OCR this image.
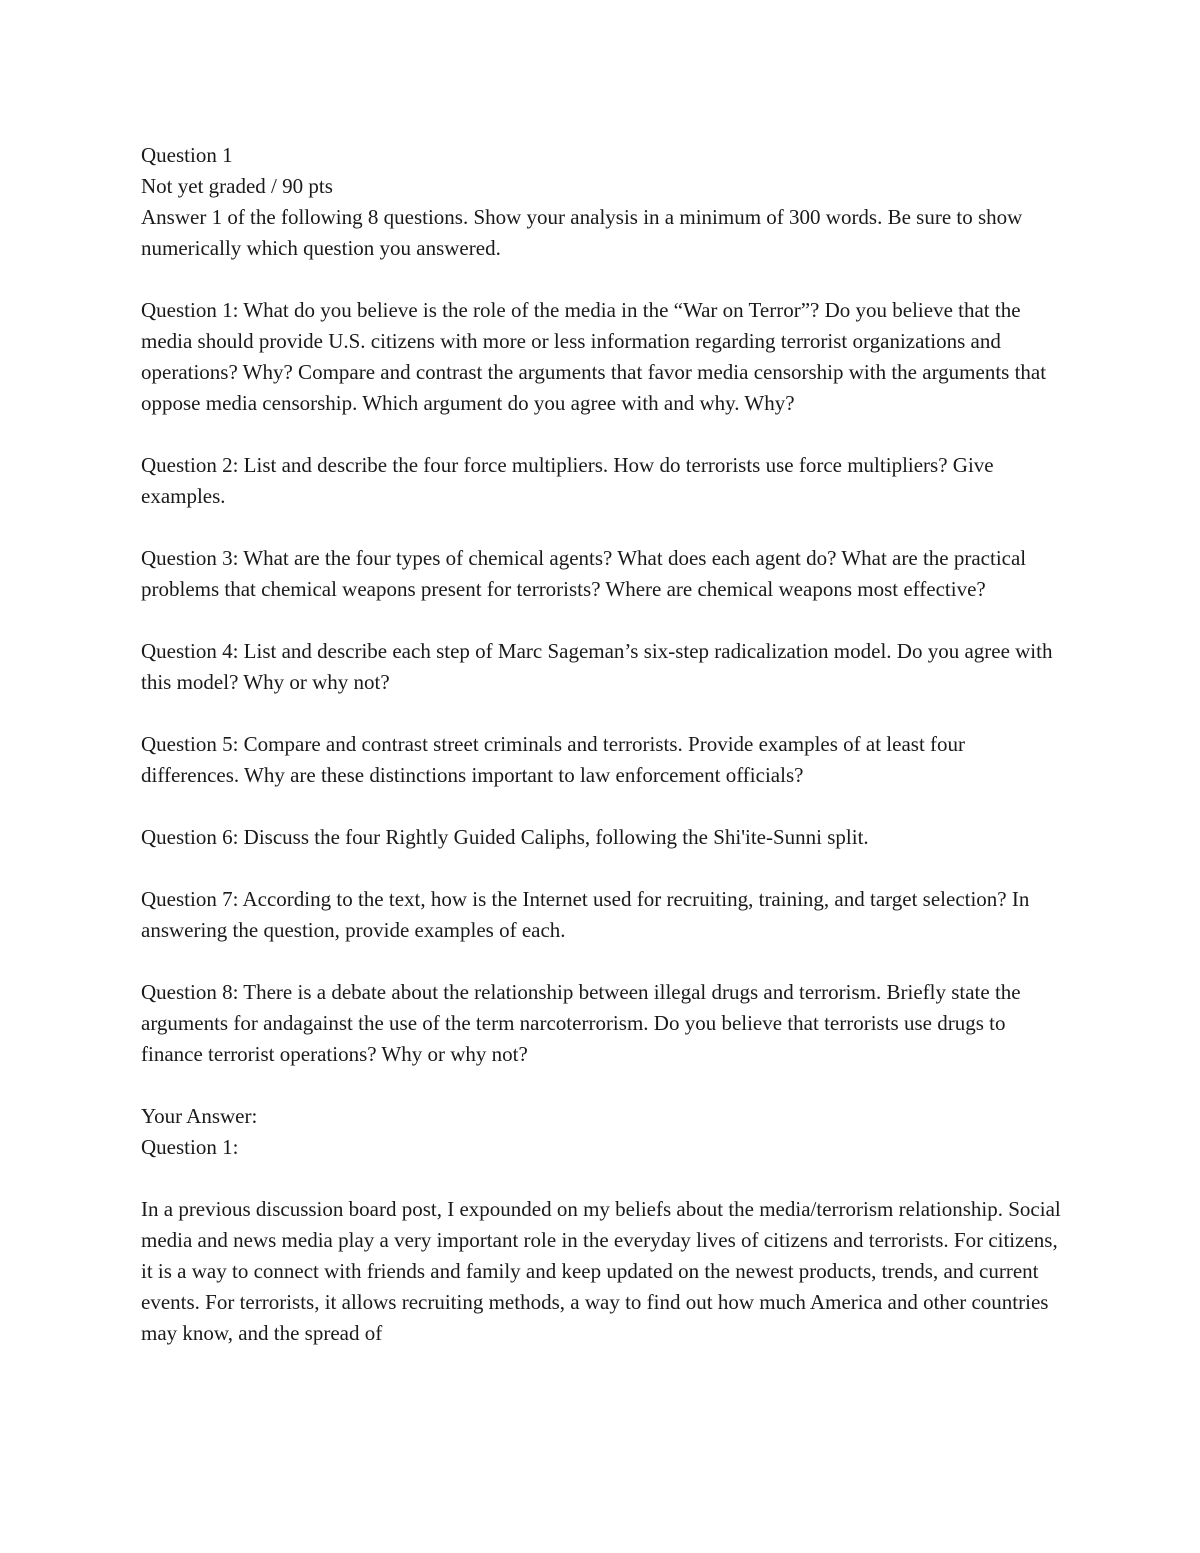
Question 1
Not yet graded / 90 pts

Answer 1 of the following 8 questions. Show your analysis in a minimum of 300 words. Be sure to show numerically which question you answered.

Question 1: What do you believe is the role of the media in the “War on Terror”? Do you believe that the media should provide U.S. citizens with more or less information regarding terrorist organizations and operations? Why? Compare and contrast the arguments that favor media censorship with the arguments that oppose media censorship. Which argument do you agree with and why. Why?

Question 2: List and describe the four force multipliers. How do terrorists use force multipliers? Give examples.

Question 3: What are the four types of chemical agents? What does each agent do? What are the practical problems that chemical weapons present for terrorists? Where are chemical weapons most effective?

Question 4: List and describe each step of Marc Sageman’s six-step radicalization model. Do you agree with this model? Why or why not?

Question 5: Compare and contrast street criminals and terrorists. Provide examples of at least four differences. Why are these distinctions important to law enforcement officials?

Question 6: Discuss the four Rightly Guided Caliphs, following the Shi'ite-Sunni split.

Question 7: According to the text, how is the Internet used for recruiting, training, and target selection? In answering the question, provide examples of each.

Question 8: There is a debate about the relationship between illegal drugs and terrorism. Briefly state the arguments for andagainst the use of the term narcoterrorism. Do you believe that terrorists use drugs to finance terrorist operations? Why or why not?

Your Answer:
Question 1:

In a previous discussion board post, I expounded on my beliefs about the media/terrorism relationship. Social media and news media play a very important role in the everyday lives of citizens and terrorists. For citizens, it is a way to connect with friends and family and keep updated on the newest products, trends, and current events. For terrorists, it allows recruiting methods, a way to find out how much America and other countries may know, and the spread of
